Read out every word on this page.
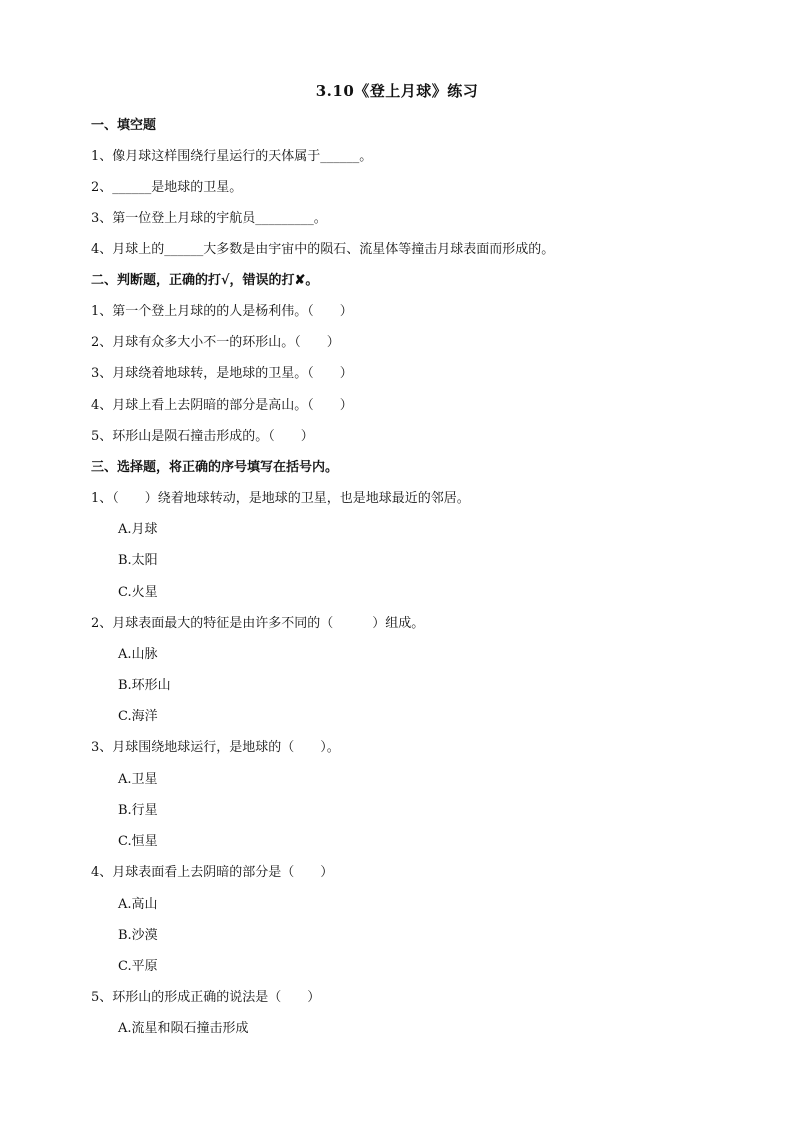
3.10《登上月球》练习
一、填空题
1、像月球这样围绕行星运行的天体属于______。
2、______是地球的卫星。
3、第一位登上月球的宇航员_________。
4、月球上的______大多数是由宇宙中的陨石、流星体等撞击月球表面而形成的。
二、判断题，正确的打√，错误的打✘。
1、第一个登上月球的的人是杨利伟。（　　）
2、月球有众多大小不一的环形山。（　　）
3、月球绕着地球转，是地球的卫星。（　　）
4、月球上看上去阴暗的部分是高山。（　　）
5、环形山是陨石撞击形成的。（　　）
三、选择题，将正确的序号填写在括号内。
1、（　　）绕着地球转动，是地球的卫星，也是地球最近的邻居。
A.月球
B.太阳
C.火星
2、月球表面最大的特征是由许多不同的（　　　）组成。
A.山脉
B.环形山
C.海洋
3、月球围绕地球运行，是地球的（　　）。
A.卫星
B.行星
C.恒星
4、月球表面看上去阴暗的部分是（　　）
A.高山
B.沙漠
C.平原
5、环形山的形成正确的说法是（　　）
A.流星和陨石撞击形成
